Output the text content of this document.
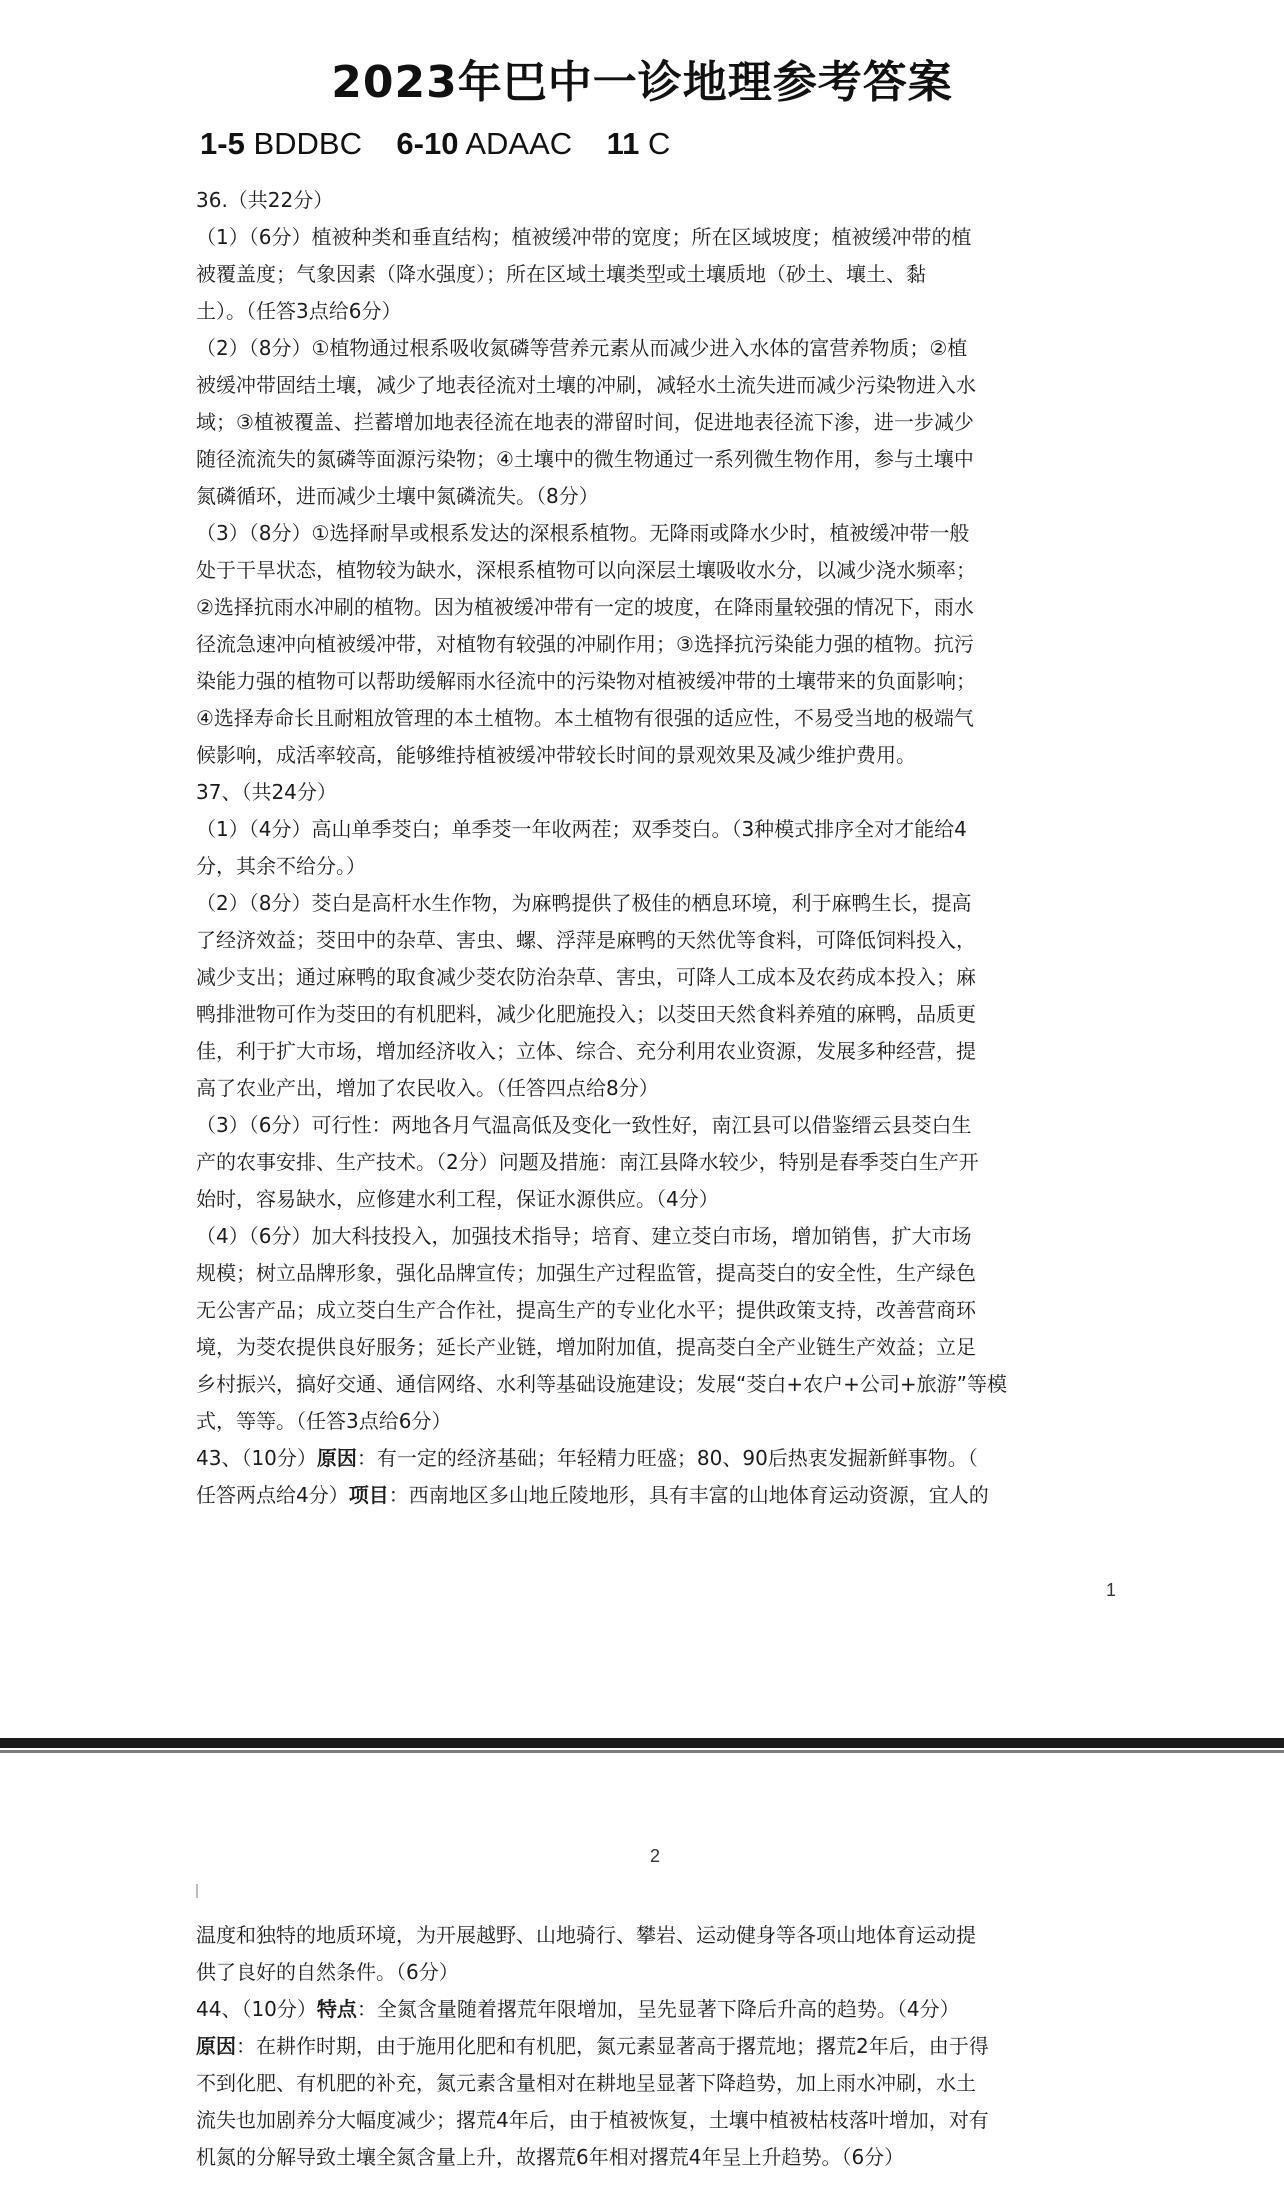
2023年巴中一诊地理参考答案
1-5 BDDBC 6-10 ADAAC 11 C
36.（共22分）
（1）（6分）植被种类和垂直结构；植被缓冲带的宽度；所在区域坡度；植被缓冲带的植
被覆盖度；气象因素（降水强度）；所在区域土壤类型或土壤质地（砂土、壤土、黏
土）。（任答3点给6分）
（2）（8分）①植物通过根系吸收氮磷等营养元素从而减少进入水体的富营养物质；②植
被缓冲带固结土壤，减少了地表径流对土壤的冲刷，减轻水土流失进而减少污染物进入水
域；③植被覆盖、拦蓄增加地表径流在地表的滞留时间，促进地表径流下渗，进一步减少
随径流流失的氮磷等面源污染物；④土壤中的微生物通过一系列微生物作用，参与土壤中
氮磷循环，进而减少土壤中氮磷流失。（8分）
（3）（8分）①选择耐旱或根系发达的深根系植物。无降雨或降水少时，植被缓冲带一般
处于干旱状态，植物较为缺水，深根系植物可以向深层土壤吸收水分，以减少浇水频率；
②选择抗雨水冲刷的植物。因为植被缓冲带有一定的坡度，在降雨量较强的情况下，雨水
径流急速冲向植被缓冲带，对植物有较强的冲刷作用；③选择抗污染能力强的植物。抗污
染能力强的植物可以帮助缓解雨水径流中的污染物对植被缓冲带的土壤带来的负面影响；
④选择寿命长且耐粗放管理的本土植物。本土植物有很强的适应性，不易受当地的极端气
候影响，成活率较高，能够维持植被缓冲带较长时间的景观效果及减少维护费用。
37、（共24分）
（1）（4分）高山单季茭白；单季茭一年收两茬；双季茭白。（3种模式排序全对才能给4
分，其余不给分。）
（2）（8分）茭白是高杆水生作物，为麻鸭提供了极佳的栖息环境，利于麻鸭生长，提高
了经济效益；茭田中的杂草、害虫、螺、浮萍是麻鸭的天然优等食料，可降低饲料投入，
减少支出；通过麻鸭的取食减少茭农防治杂草、害虫，可降人工成本及农药成本投入；麻
鸭排泄物可作为茭田的有机肥料，减少化肥施投入；以茭田天然食料养殖的麻鸭，品质更
佳，利于扩大市场，增加经济收入；立体、综合、充分利用农业资源，发展多种经营，提
高了农业产出，增加了农民收入。（任答四点给8分）
（3）（6分）可行性：两地各月气温高低及变化一致性好，南江县可以借鉴缙云县茭白生
产的农事安排、生产技术。（2分）问题及措施：南江县降水较少，特别是春季茭白生产开
始时，容易缺水，应修建水利工程，保证水源供应。（4分）
（4）（6分）加大科技投入，加强技术指导；培育、建立茭白市场，增加销售，扩大市场
规模；树立品牌形象，强化品牌宣传；加强生产过程监管，提高茭白的安全性，生产绿色
无公害产品；成立茭白生产合作社，提高生产的专业化水平；提供政策支持，改善营商环
境，为茭农提供良好服务；延长产业链，增加附加值，提高茭白全产业链生产效益；立足
乡村振兴，搞好交通、通信网络、水利等基础设施建设；发展“茭白+农户+公司+旅游”等模
式，等等。（任答3点给6分）
43、（10分）原因：有一定的经济基础；年轻精力旺盛；80、90后热衷发掘新鲜事物。（
任答两点给4分）项目：西南地区多山地丘陵地形，具有丰富的山地体育运动资源，宜人的
1
2
温度和独特的地质环境，为开展越野、山地骑行、攀岩、运动健身等各项山地体育运动提
供了良好的自然条件。（6分）
44、（10分）特点：全氮含量随着撂荒年限增加，呈先显著下降后升高的趋势。（4分）
原因：在耕作时期，由于施用化肥和有机肥，氮元素显著高于撂荒地；撂荒2年后，由于得
不到化肥、有机肥的补充，氮元素含量相对在耕地呈显著下降趋势，加上雨水冲刷，水土
流失也加剧养分大幅度减少；撂荒4年后，由于植被恢复，土壤中植被枯枝落叶增加，对有
机氮的分解导致土壤全氮含量上升，故撂荒6年相对撂荒4年呈上升趋势。（6分）
